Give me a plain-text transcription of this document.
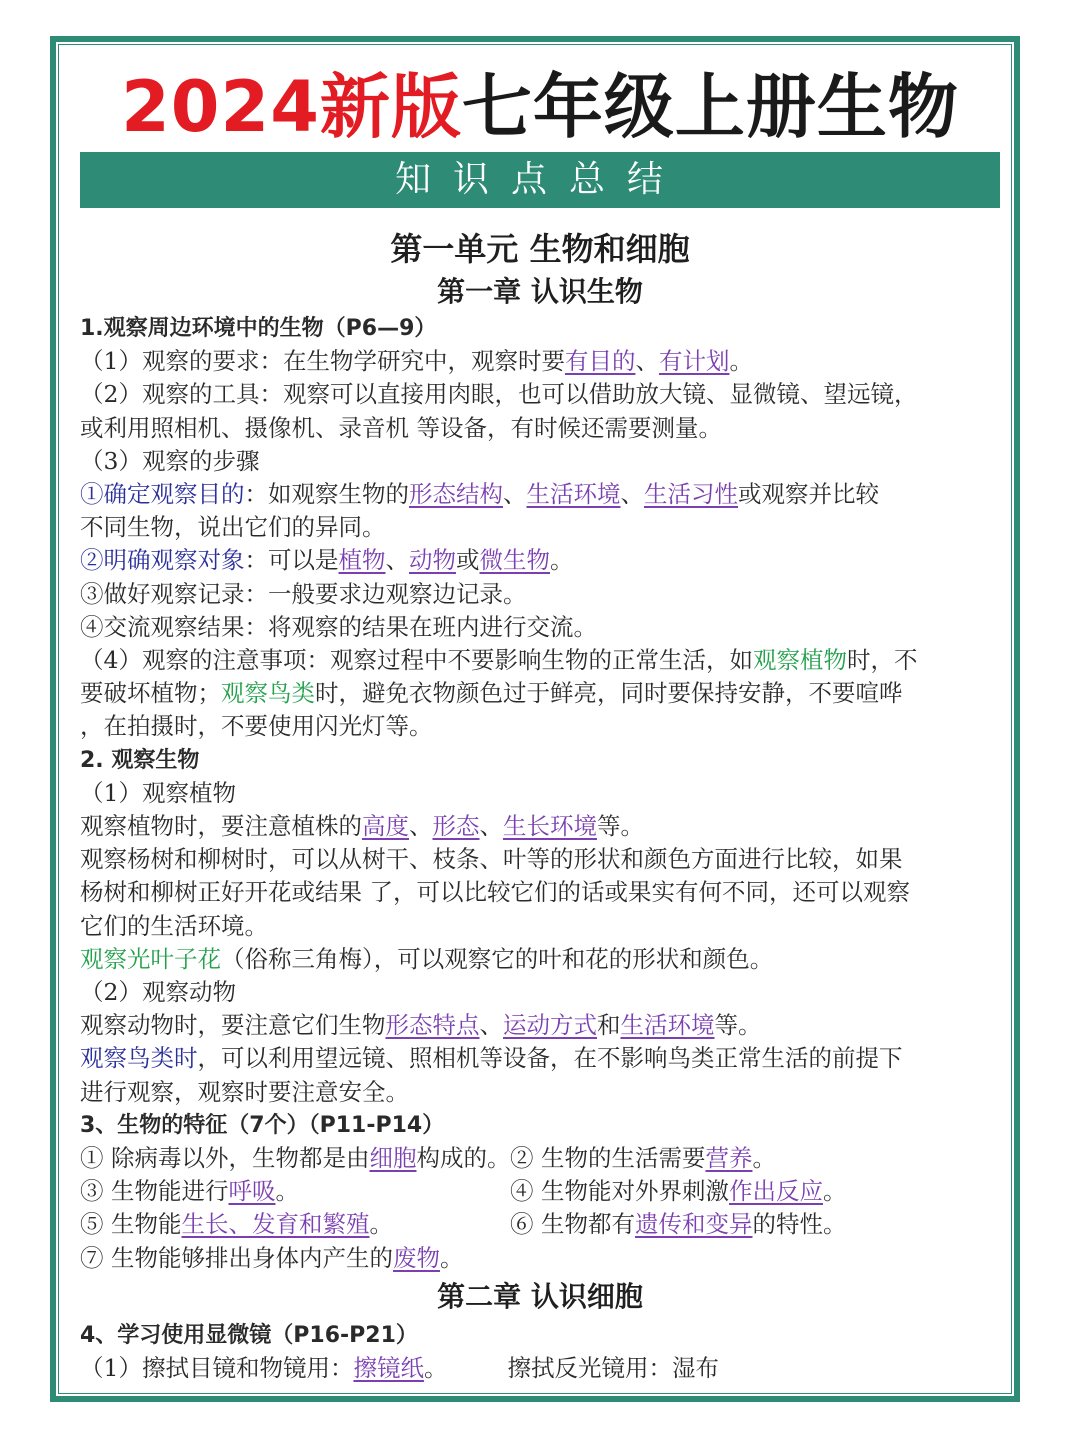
2024新版七年级上册生物
知识点总结
第一单元 生物和细胞
第一章 认识生物
1.观察周边环境中的生物（P6—9）
（1）观察的要求：在生物学研究中，观察时要有目的、有计划。
（2）观察的工具：观察可以直接用肉眼，也可以借助放大镜、显微镜、望远镜，
或利用照相机、摄像机、录音机 等设备，有时候还需要测量。
（3）观察的步骤
①确定观察目的：如观察生物的形态结构、生活环境、生活习性或观察并比较
不同生物，说出它们的异同。
②明确观察对象：可以是植物、动物或微生物。
③做好观察记录：一般要求边观察边记录。
④交流观察结果：将观察的结果在班内进行交流。
（4）观察的注意事项：观察过程中不要影响生物的正常生活，如观察植物时，不
要破坏植物；观察鸟类时，避免衣物颜色过于鲜亮，同时要保持安静，不要喧哗
，在拍摄时，不要使用闪光灯等。
2. 观察生物
（1）观察植物
观察植物时，要注意植株的高度、形态、生长环境等。
观察杨树和柳树时，可以从树干、枝条、叶等的形状和颜色方面进行比较，如果
杨树和柳树正好开花或结果 了，可以比较它们的话或果实有何不同，还可以观察
它们的生活环境。
观察光叶子花（俗称三角梅），可以观察它的叶和花的形状和颜色。
（2）观察动物
观察动物时，要注意它们生物形态特点、运动方式和生活环境等。
观察鸟类时，可以利用望远镜、照相机等设备，在不影响鸟类正常生活的前提下
进行观察，观察时要注意安全。
3、生物的特征（7个）（P11-P14）
① 除病毒以外，生物都是由细胞构成的。② 生物的生活需要营养。
③ 生物能进行呼吸。	④ 生物能对外界刺激作出反应。
⑤ 生物能生长、发育和繁殖。	⑥ 生物都有遗传和变异的特性。
⑦ 生物能够排出身体内产生的废物。
第二章 认识细胞
4、学习使用显微镜（P16-P21）
（1）擦拭目镜和物镜用：擦镜纸。	擦拭反光镜用：湿布
